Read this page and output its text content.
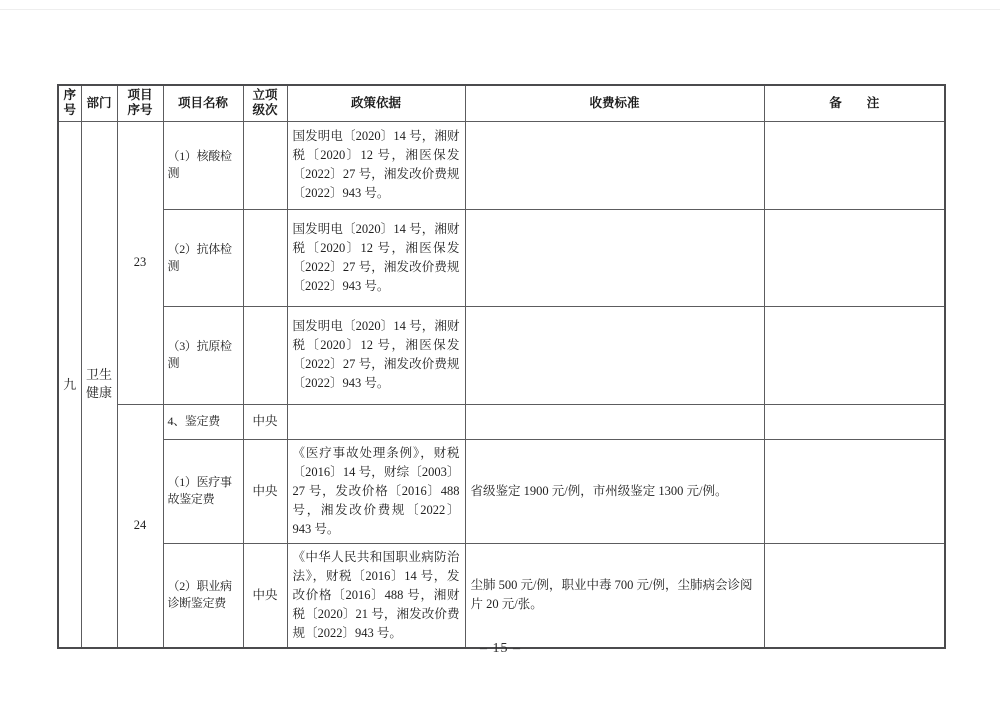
序号	部门	项目序号	项目名称	立项级次	政策依据	收费标准	备　　注
九	卫生健康	23	（1）核酸检测		国发明电〔2020〕14 号，湘财税〔2020〕12 号，湘医保发〔2022〕27 号，湘发改价费规〔2022〕943 号。		
			（2）抗体检测		国发明电〔2020〕14 号，湘财税〔2020〕12 号，湘医保发〔2022〕27 号，湘发改价费规〔2022〕943 号。		
			（3）抗原检测		国发明电〔2020〕14 号，湘财税〔2020〕12 号，湘医保发〔2022〕27 号，湘发改价费规〔2022〕943 号。		
		24	4、鉴定费	中央			
			（1）医疗事故鉴定费	中央	《医疗事故处理条例》，财税〔2016〕14 号，财综〔2003〕27 号，发改价格〔2016〕488 号，湘发改价费规〔2022〕943 号。	省级鉴定 1900 元/例，市州级鉴定 1300 元/例。	
			（2）职业病诊断鉴定费	中央	《中华人民共和国职业病防治法》，财税〔2016〕14 号，发改价格〔2016〕488 号，湘财税〔2020〕21 号，湘发改价费规〔2022〕943 号。	尘肺 500 元/例，职业中毒 700 元/例，尘肺病会诊阅片 20 元/张。	
– 15 –
